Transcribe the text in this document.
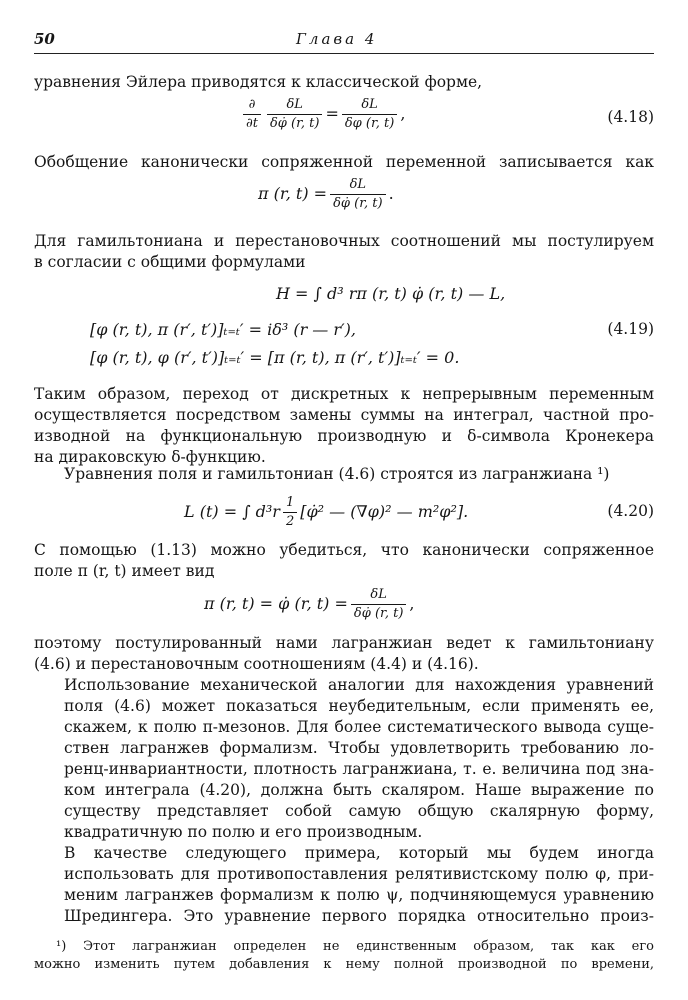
50	Глава 4
уравнения Эйлера приводятся к классической форме,
$\frac{\partial}{\partial t} \frac{\delta L}{\delta\varphi̇ (r, t)} = \frac{\delta L}{\delta\varphi (r, t)}$ ,	(4.18)
Обобщение канонически сопряженной переменной записывается как
π (r, $t) = \frac{\delta L}{\delta\varphi̇ (r, t)}$ .
Для гамильтониана и перестановочных соотношений мы постулируем
в согласии с общими формулами
H = ∫ d³ rπ (r, t) φ̇ (r, t) — L,
[φ (r, t), π (r′, t′)]ₜ₌ₜ′ = iδ³ (r — r′),
[φ (r, t), φ (r′, t′)]ₜ₌ₜ′ = [π (r, t), π (r′, t′)]ₜ₌ₜ′ = 0.
(4.19)
Таким образом, переход от дискретных к непрерывным переменным
осуществляется посредством замены суммы на интеграл, частной про-
изводной на функциональную производную и δ-символа Кронекера
на дираковскую δ-функцию.
Уравнения поля и гамильтониан (4.6) строятся из лагранжиана ¹)
L (t) = ∫ $d^3r \frac{1}{2}$ [φ̇² — (∇φ)² — m²φ²].	(4.20)
С помощью (1.13) можно убедиться, что канонически сопряженное
поле π (r, t) имеет вид
π (r, t) = φ̇ (r, $t) = \frac{\delta L}{\delta\varphi̇ (r, t)}$ ,
поэтому постулированный нами лагранжиан ведет к гамильтониану
(4.6) и перестановочным соотношениям (4.4) и (4.16).
Использование механической аналогии для нахождения уравнений
поля (4.6) может показаться неубедительным, если применять ее,
скажем, к полю π-мезонов. Для более систематического вывода суще-
ствен лагранжев формализм. Чтобы удовлетворить требованию ло-
ренц-инвариантности, плотность лагранжиана, т. е. величина под зна-
ком интеграла (4.20), должна быть скаляром. Наше выражение по
существу представляет собой самую общую скалярную форму,
квадратичную по полю и его производным.
В качестве следующего примера, который мы будем иногда
использовать для противопоставления релятивистскому полю φ, при-
меним лагранжев формализм к полю ψ, подчиняющемуся уравнению
Шредингера. Это уравнение первого порядка относительно произ-
¹) Этот лагранжиан определен не единственным образом, так как его
можно изменить путем добавления к нему полной производной по времени,
